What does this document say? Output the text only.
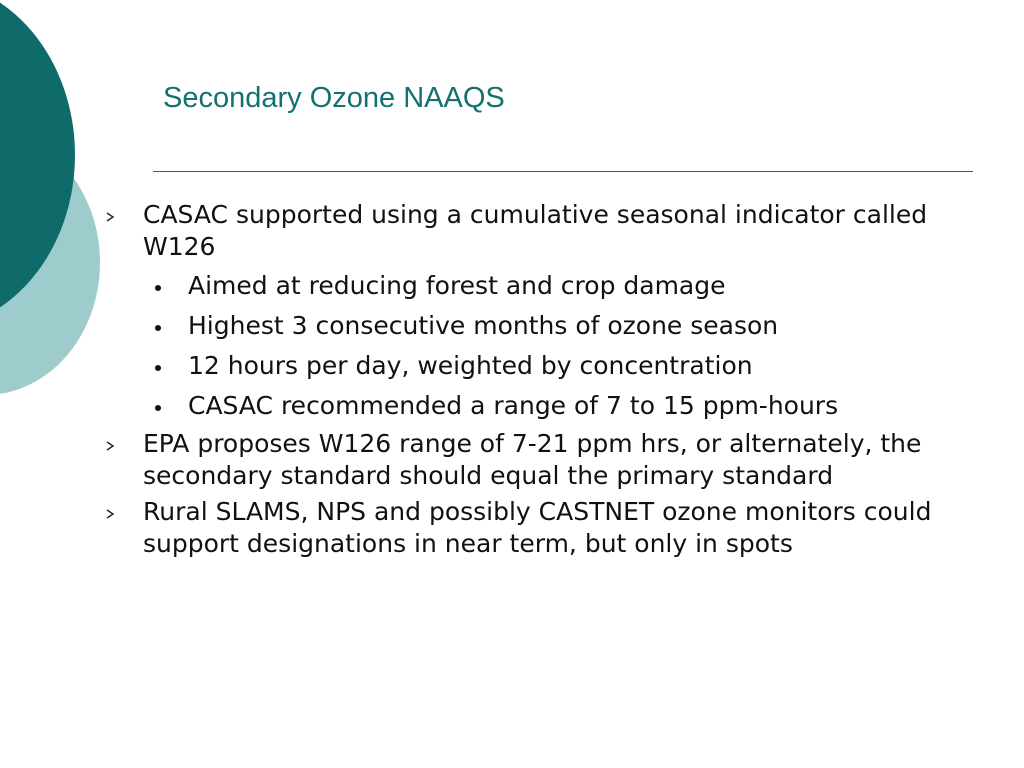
Secondary Ozone NAAQS
CASAC supported using a cumulative seasonal indicator called W126
Aimed at reducing forest and crop damage
Highest 3 consecutive months of ozone season
12 hours per day, weighted by concentration
CASAC recommended a range of 7 to 15 ppm-hours
EPA proposes W126 range of 7-21 ppm hrs, or alternately, the secondary standard should equal the primary standard
Rural SLAMS, NPS and possibly CASTNET ozone monitors could support designations in near term, but only in spots
